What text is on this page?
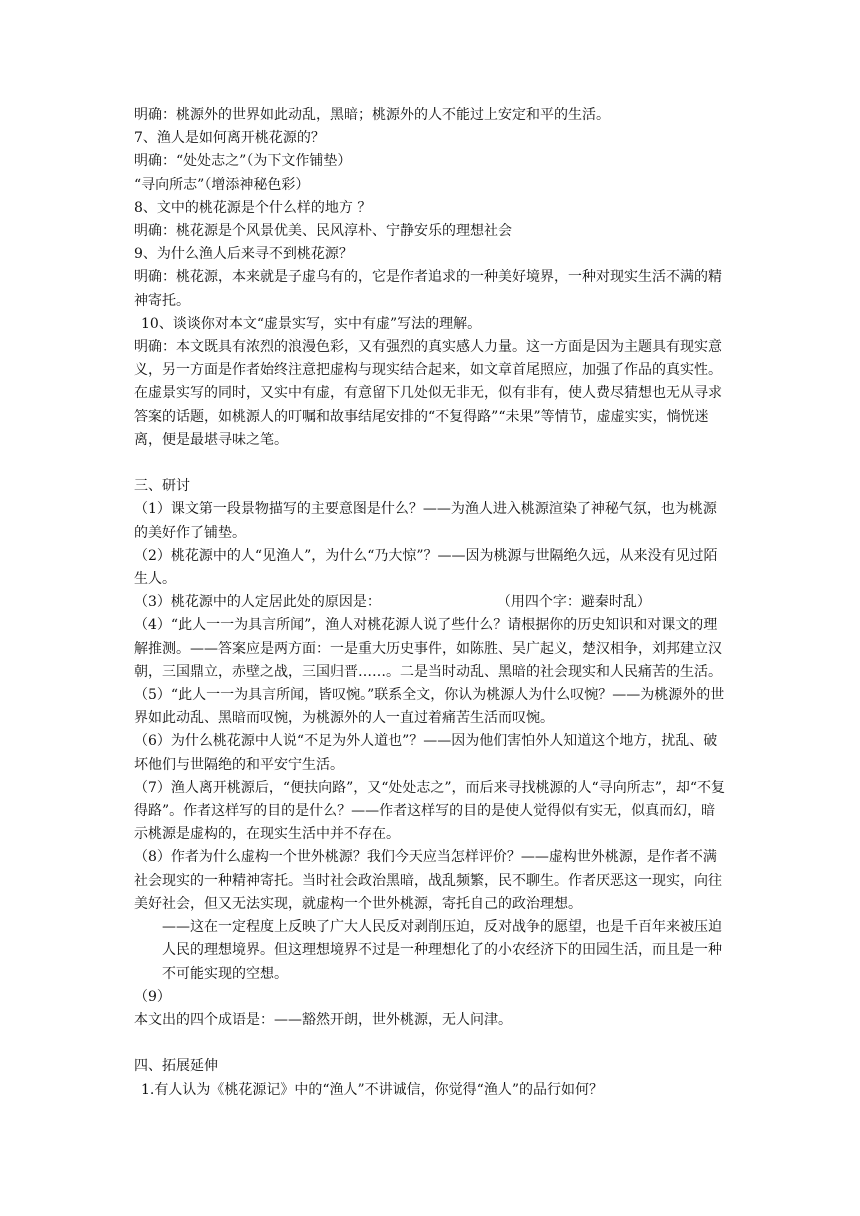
明确：桃源外的世界如此动乱，黑暗；桃源外的人不能过上安定和平的生活。

7、渔人是如何离开桃花源的？

明确：“处处志之”（为下文作铺垫）

“寻向所志”（增添神秘色彩）

8、文中的桃花源是个什么样的地方 ？

明确：桃花源是个风景优美、民风淳朴、宁静安乐的理想社会

9、为什么渔人后来寻不到桃花源？

明确：桃花源，本来就是子虚乌有的，它是作者追求的一种美好境界，一种对现实生活不满的精神寄托。

10、谈谈你对本文“虚景实写，实中有虚”写法的理解。

明确：本文既具有浓烈的浪漫色彩，又有强烈的真实感人力量。这一方面是因为主题具有现实意义，另一方面是作者始终注意把虚构与现实结合起来，如文章首尾照应，加强了作品的真实性。在虚景实写的同时，又实中有虚，有意留下几处似无非无，似有非有，使人费尽猜想也无从寻求答案的话题，如桃源人的叮嘱和故事结尾安排的“不复得路”“未果”等情节，虚虚实实，惝恍迷离，便是最堪寻味之笔。

三、研讨

（1）课文第一段景物描写的主要意图是什么？——为渔人进入桃源渲染了神秘气氛，也为桃源的美好作了铺垫。

（2）桃花源中的人“见渔人”，为什么“乃大惊”？——因为桃源与世隔绝久远，从来没有见过陌生人。

（3）桃花源中的人定居此处的原因是：	（用四个字：避秦时乱）

（4）“此人一一为具言所闻”，渔人对桃花源人说了些什么？请根据你的历史知识和对课文的理解推测。——答案应是两方面：一是重大历史事件，如陈胜、吴广起义，楚汉相争，刘邦建立汉朝，三国鼎立，赤壁之战，三国归晋……。二是当时动乱、黑暗的社会现实和人民痛苦的生活。

（5）“此人一一为具言所闻，皆叹惋。”联系全文，你认为桃源人为什么叹惋？——为桃源外的世界如此动乱、黑暗而叹惋，为桃源外的人一直过着痛苦生活而叹惋。

（6）为什么桃花源中人说“不足为外人道也”？——因为他们害怕外人知道这个地方，扰乱、破坏他们与世隔绝的和平安宁生活。

（7）渔人离开桃源后，“便扶向路”，又“处处志之”，而后来寻找桃源的人“寻向所志”，却“不复得路”。作者这样写的目的是什么？——作者这样写的目的是使人觉得似有实无，似真而幻，暗示桃源是虚构的，在现实生活中并不存在。

（8）作者为什么虚构一个世外桃源？我们今天应当怎样评价？——虚构世外桃源，是作者不满社会现实的一种精神寄托。当时社会政治黑暗，战乱频繁，民不聊生。作者厌恶这一现实，向往美好社会，但又无法实现，就虚构一个世外桃源，寄托自己的政治理想。

——这在一定程度上反映了广大人民反对剥削压迫，反对战争的愿望，也是千百年来被压迫人民的理想境界。但这理想境界不过是一种理想化了的小农经济下的田园生活，而且是一种不可能实现的空想。

（9）

本文出的四个成语是：——豁然开朗，世外桃源，无人问津。

四、拓展延伸

1.有人认为《桃花源记》中的“渔人”不讲诚信，你觉得“渔人”的品行如何？
